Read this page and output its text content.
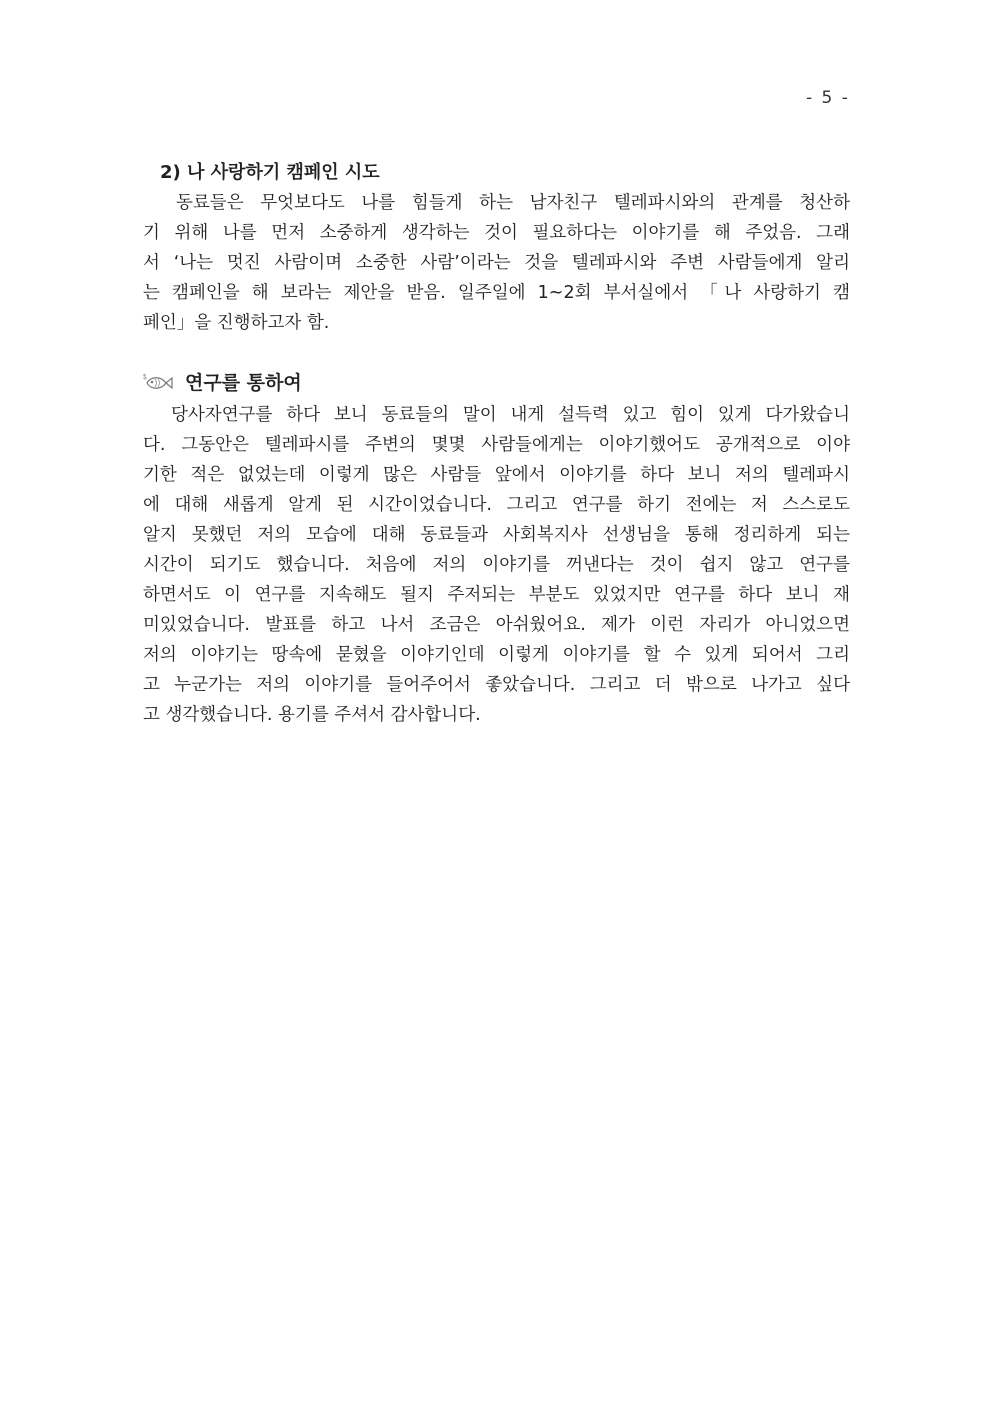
- 5 -
2) 나 사랑하기 캠페인 시도
동료들은 무엇보다도 나를 힘들게 하는 남자친구 텔레파시와의 관계를 청산하
기 위해 나를 먼저 소중하게 생각하는 것이 필요하다는 이야기를 해 주었음. 그래
서 ‘나는 멋진 사람이며 소중한 사람’이라는 것을 텔레파시와 주변 사람들에게 알리
는 캠페인을 해 보라는 제안을 받음. 일주일에 1~2회 부서실에서 「나 사랑하기 캠
페인」을 진행하고자 함.
연구를 통하여
당사자연구를 하다 보니 동료들의 말이 내게 설득력 있고 힘이 있게 다가왔습니
다. 그동안은 텔레파시를 주변의 몇몇 사람들에게는 이야기했어도 공개적으로 이야
기한 적은 없었는데 이렇게 많은 사람들 앞에서 이야기를 하다 보니 저의 텔레파시
에 대해 새롭게 알게 된 시간이었습니다. 그리고 연구를 하기 전에는 저 스스로도
알지 못했던 저의 모습에 대해 동료들과 사회복지사 선생님을 통해 정리하게 되는
시간이 되기도 했습니다. 처음에 저의 이야기를 꺼낸다는 것이 쉽지 않고 연구를
하면서도 이 연구를 지속해도 될지 주저되는 부분도 있었지만 연구를 하다 보니 재
미있었습니다. 발표를 하고 나서 조금은 아쉬웠어요. 제가 이런 자리가 아니었으면
저의 이야기는 땅속에 묻혔을 이야기인데 이렇게 이야기를 할 수 있게 되어서 그리
고 누군가는 저의 이야기를 들어주어서 좋았습니다. 그리고 더 밖으로 나가고 싶다
고 생각했습니다. 용기를 주셔서 감사합니다.
